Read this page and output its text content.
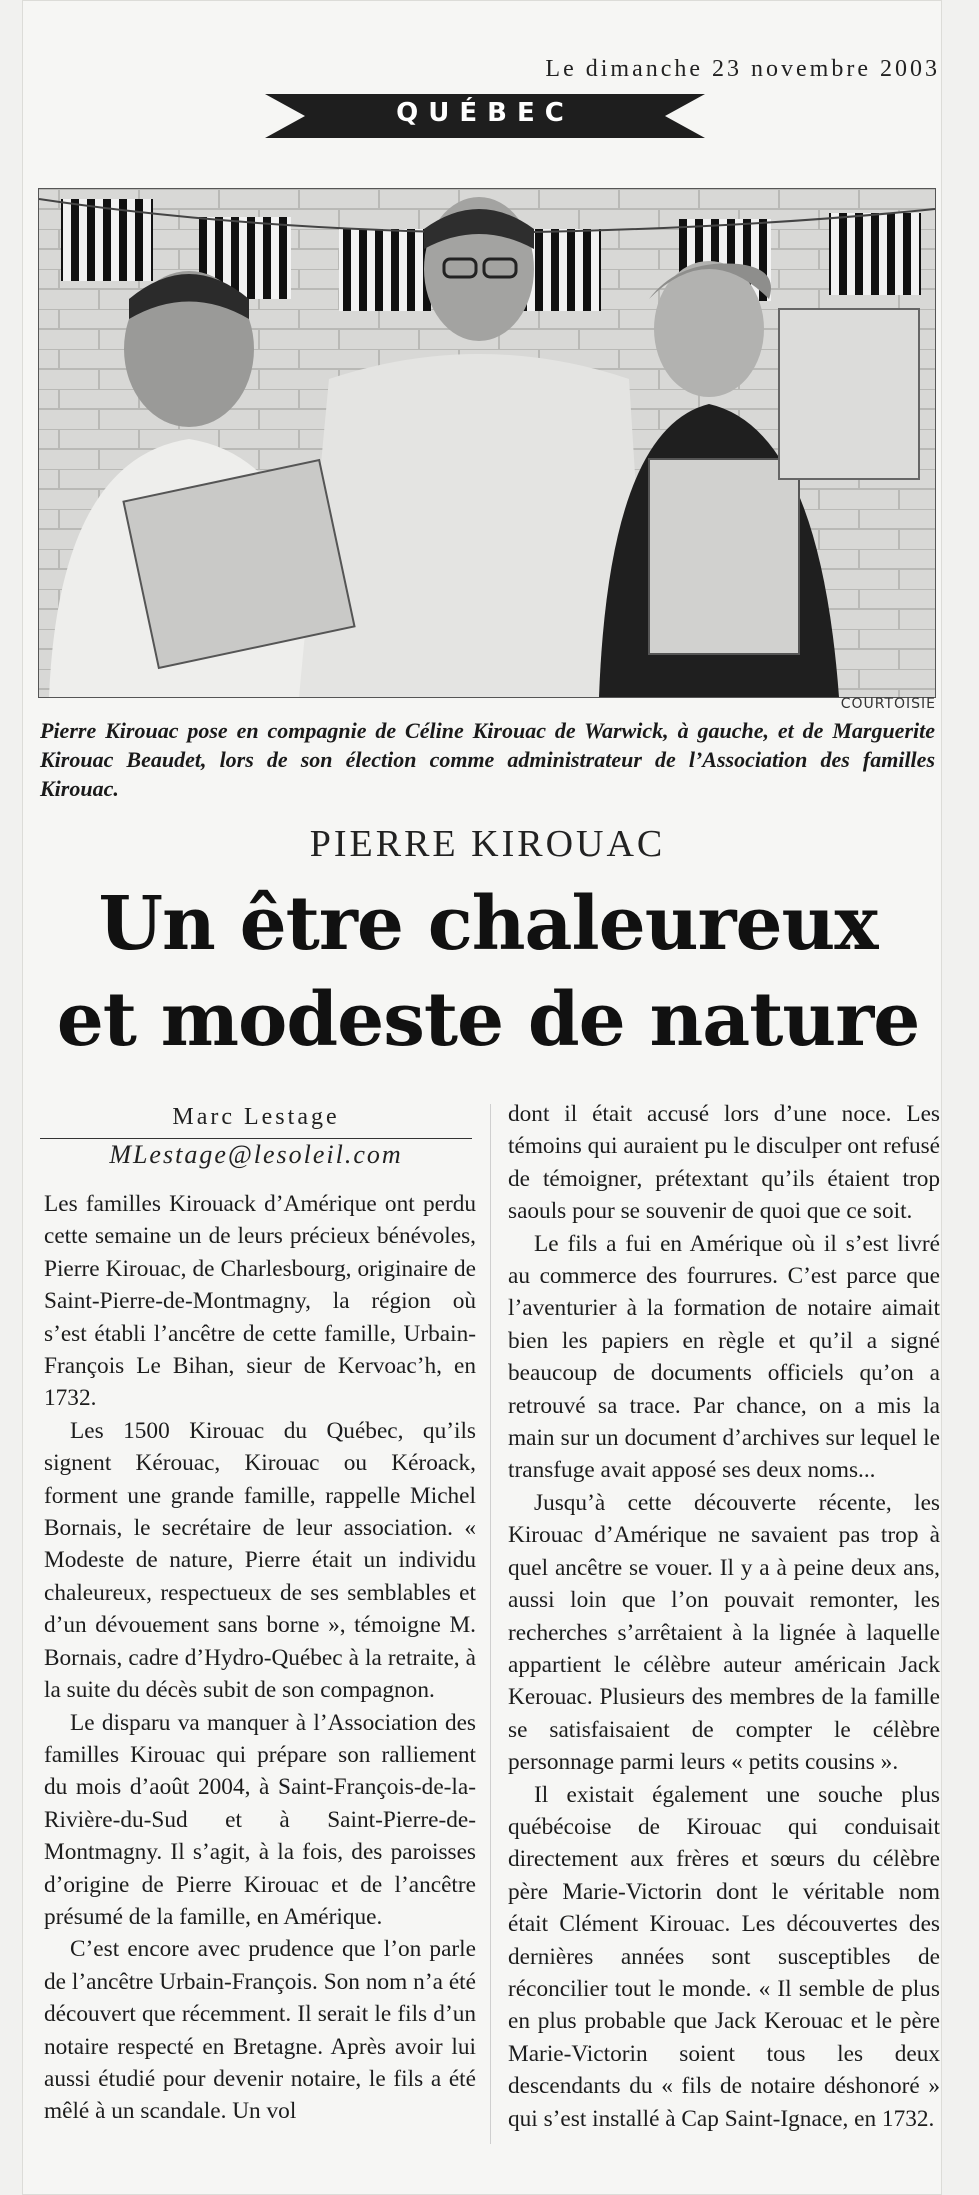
Le dimanche 23 novembre 2003
QUÉBEC
COURTOISIE
Pierre Kirouac pose en compagnie de Céline Kirouac de Warwick, à gauche, et de Marguerite Kirouac Beaudet, lors de son élection comme administrateur de l’Association des familles Kirouac.
PIERRE KIROUAC
Un être chaleureux
et modeste de nature
Marc Lestage
MLestage@lesoleil.com

Les familles Kirouack d’Amérique ont perdu cette semaine un de leurs précieux bénévoles, Pierre Kirouac, de Charlesbourg, originaire de Saint-Pierre-de-Montmagny, la région où s’est établi l’ancêtre de cette famille, Urbain-François Le Bihan, sieur de Kervoac’h, en 1732.

Les 1500 Kirouac du Québec, qu’ils signent Kérouac, Kirouac ou Kéroack, forment une grande famille, rappelle Michel Bornais, le secrétaire de leur association. « Modeste de nature, Pierre était un individu chaleureux, respectueux de ses semblables et d’un dévouement sans borne », témoigne M. Bornais, cadre d’Hydro-Québec à la retraite, à la suite du décès subit de son compagnon.

Le disparu va manquer à l’Association des familles Kirouac qui prépare son ralliement du mois d’août 2004, à Saint-François-de-la-Rivière-du-Sud et à Saint-Pierre-de-Montmagny. Il s’agit, à la fois, des paroisses d’origine de Pierre Kirouac et de l’ancêtre présumé de la famille, en Amérique.

C’est encore avec prudence que l’on parle de l’ancêtre Urbain-François. Son nom n’a été découvert que récemment. Il serait le fils d’un notaire respecté en Bretagne. Après avoir lui aussi étudié pour devenir notaire, le fils a été mêlé à un scandale. Un vol

dont il était accusé lors d’une noce. Les témoins qui auraient pu le disculper ont refusé de témoigner, prétextant qu’ils étaient trop saouls pour se souvenir de quoi que ce soit.

Le fils a fui en Amérique où il s’est livré au commerce des fourrures. C’est parce que l’aventurier à la formation de notaire aimait bien les papiers en règle et qu’il a signé beaucoup de documents officiels qu’on a retrouvé sa trace. Par chance, on a mis la main sur un document d’archives sur lequel le transfuge avait apposé ses deux noms...

Jusqu’à cette découverte récente, les Kirouac d’Amérique ne savaient pas trop à quel ancêtre se vouer. Il y a à peine deux ans, aussi loin que l’on pouvait remonter, les recherches s’arrêtaient à la lignée à laquelle appartient le célèbre auteur américain Jack Kerouac. Plusieurs des membres de la famille se satisfaisaient de compter le célèbre personnage parmi leurs « petits cousins ».

Il existait également une souche plus québécoise de Kirouac qui conduisait directement aux frères et sœurs du célèbre père Marie-Victorin dont le véritable nom était Clément Kirouac. Les découvertes des dernières années sont susceptibles de réconcilier tout le monde. « Il semble de plus en plus probable que Jack Kerouac et le père Marie-Victorin soient tous les deux descendants du « fils de notaire déshonoré » qui s’est installé à Cap Saint-Ignace, en 1732.
